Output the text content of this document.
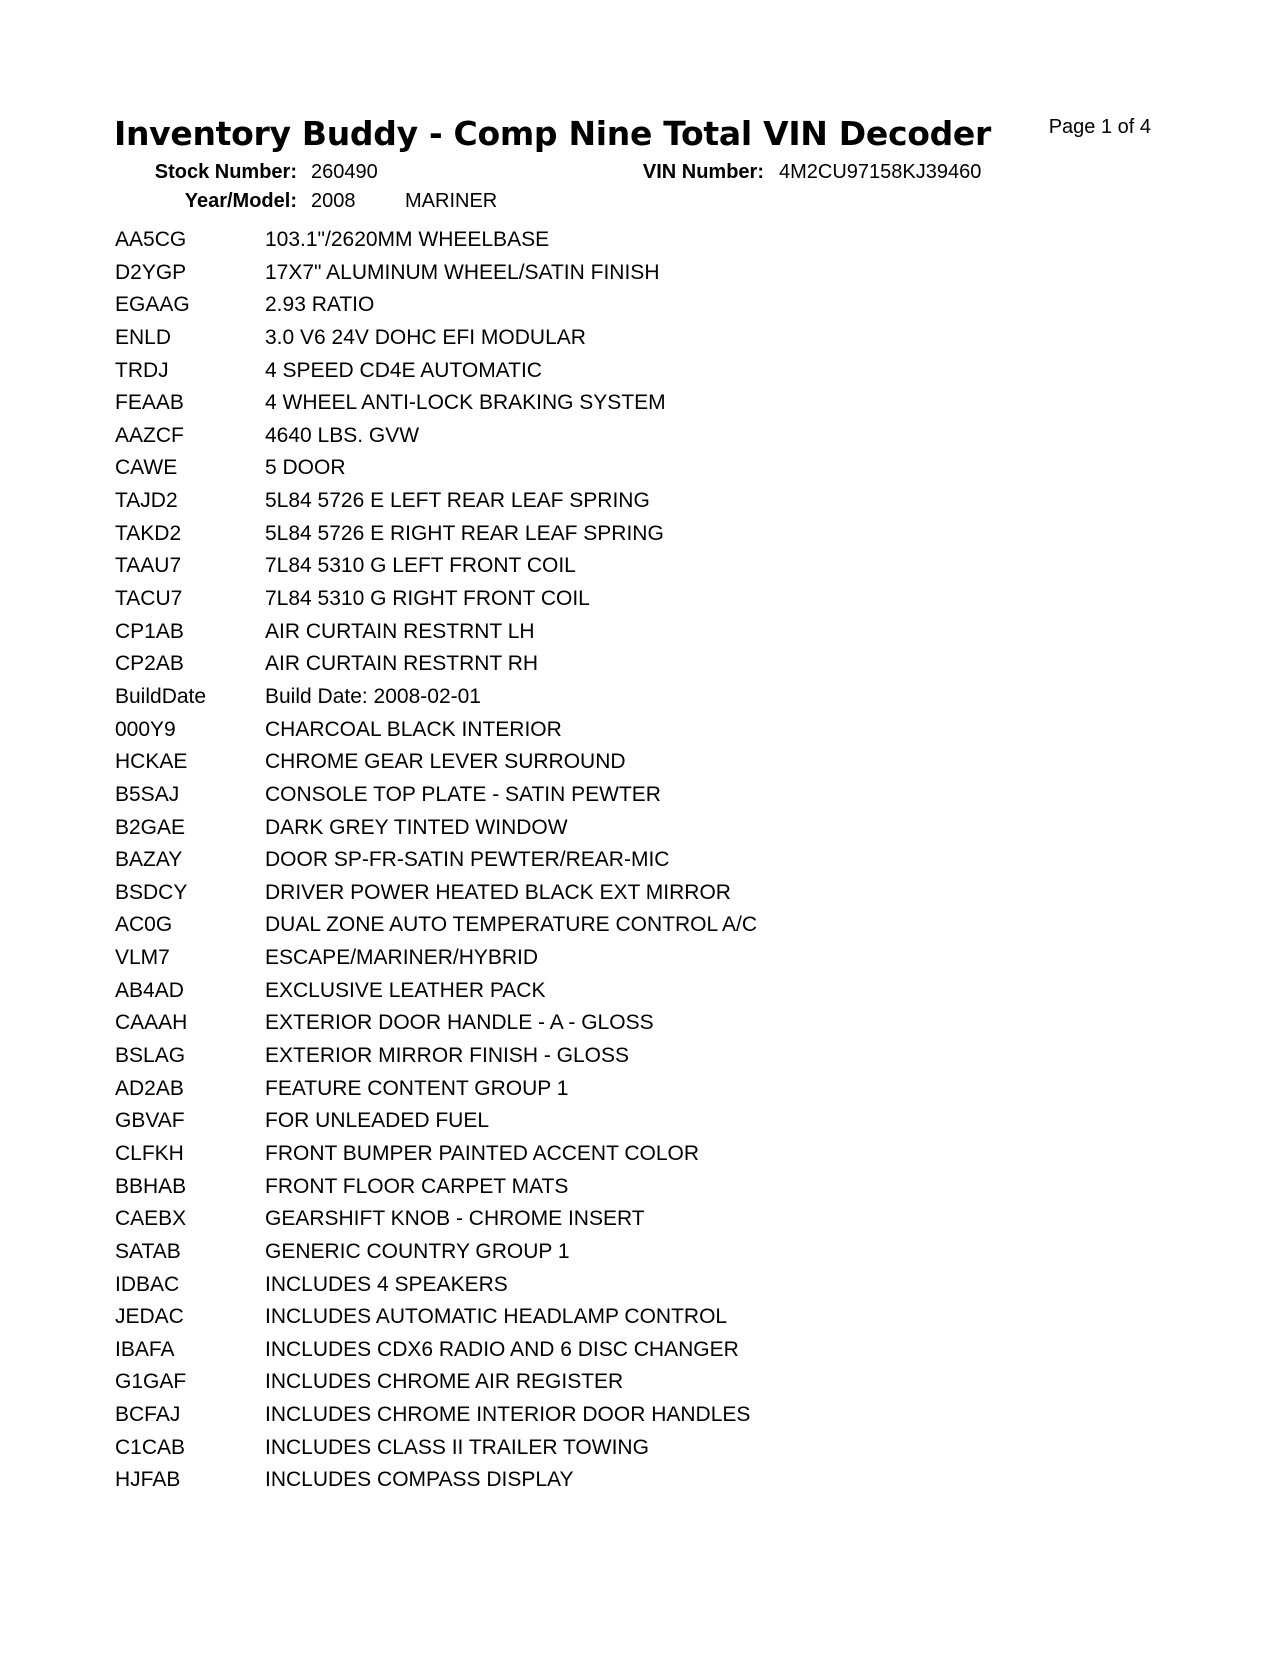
Inventory Buddy - Comp Nine Total VIN Decoder	Page 1 of 4
Stock Number: 260490	VIN Number: 4M2CU97158KJ39460
Year/Model: 2008 MARINER
AA5CG	103.1"/2620MM WHEELBASE
D2YGP	17X7" ALUMINUM WHEEL/SATIN FINISH
EGAAG	2.93 RATIO
ENLD	3.0 V6 24V DOHC EFI MODULAR
TRDJ	4 SPEED CD4E AUTOMATIC
FEAAB	4 WHEEL ANTI-LOCK BRAKING SYSTEM
AAZCF	4640 LBS. GVW
CAWE	5 DOOR
TAJD2	5L84 5726 E LEFT REAR LEAF SPRING
TAKD2	5L84 5726 E RIGHT REAR LEAF SPRING
TAAU7	7L84 5310 G LEFT FRONT COIL
TACU7	7L84 5310 G RIGHT FRONT COIL
CP1AB	AIR CURTAIN RESTRNT LH
CP2AB	AIR CURTAIN RESTRNT RH
BuildDate	Build Date: 2008-02-01
000Y9	CHARCOAL BLACK INTERIOR
HCKAE	CHROME GEAR LEVER SURROUND
B5SAJ	CONSOLE TOP PLATE - SATIN PEWTER
B2GAE	DARK GREY TINTED WINDOW
BAZAY	DOOR SP-FR-SATIN PEWTER/REAR-MIC
BSDCY	DRIVER POWER HEATED BLACK EXT MIRROR
AC0G	DUAL ZONE AUTO TEMPERATURE CONTROL A/C
VLM7	ESCAPE/MARINER/HYBRID
AB4AD	EXCLUSIVE LEATHER PACK
CAAAH	EXTERIOR DOOR HANDLE - A - GLOSS
BSLAG	EXTERIOR MIRROR FINISH - GLOSS
AD2AB	FEATURE CONTENT GROUP 1
GBVAF	FOR UNLEADED FUEL
CLFKH	FRONT BUMPER PAINTED ACCENT COLOR
BBHAB	FRONT FLOOR CARPET MATS
CAEBX	GEARSHIFT KNOB - CHROME INSERT
SATAB	GENERIC COUNTRY GROUP 1
IDBAC	INCLUDES 4 SPEAKERS
JEDAC	INCLUDES AUTOMATIC HEADLAMP CONTROL
IBAFA	INCLUDES CDX6 RADIO AND 6 DISC CHANGER
G1GAF	INCLUDES CHROME AIR REGISTER
BCFAJ	INCLUDES CHROME INTERIOR DOOR HANDLES
C1CAB	INCLUDES CLASS II TRAILER TOWING
HJFAB	INCLUDES COMPASS DISPLAY
